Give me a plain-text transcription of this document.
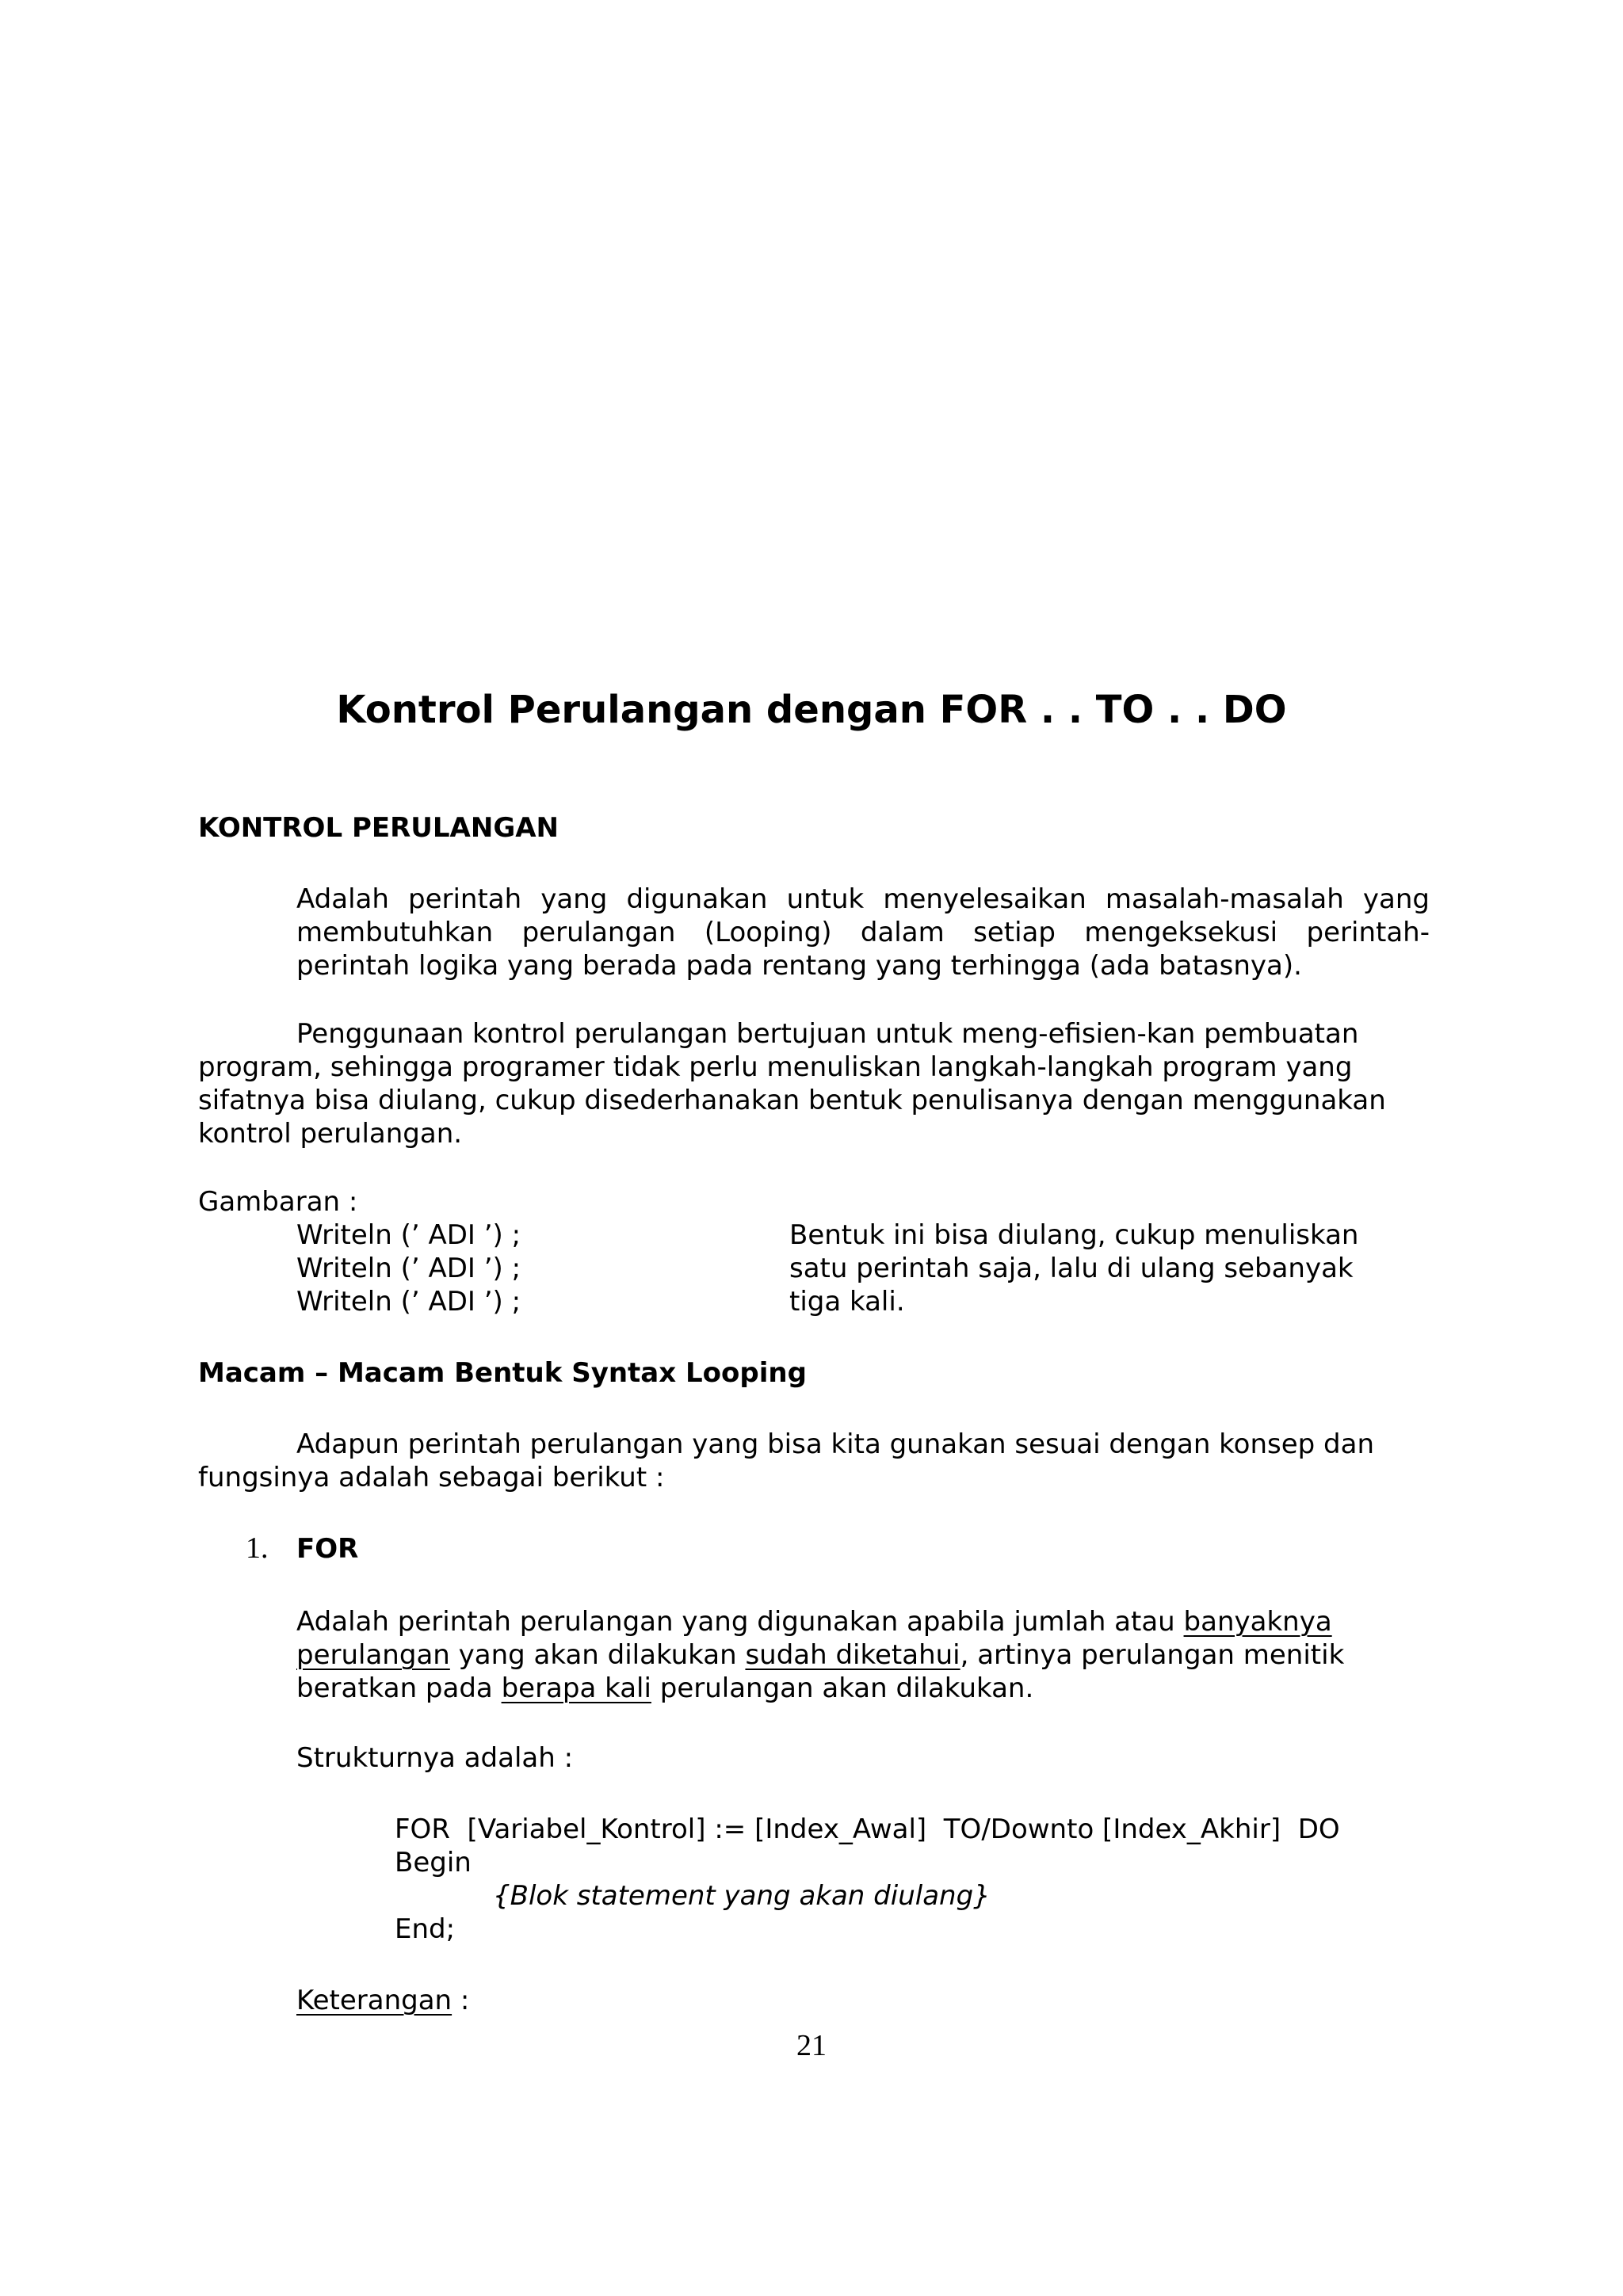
Kontrol Perulangan dengan FOR . . TO . . DO
KONTROL PERULANGAN
Adalah perintah yang digunakan untuk menyelesaikan masalah-masalah yang
membutuhkan perulangan (Looping) dalam setiap mengeksekusi perintah-
perintah logika yang berada pada rentang yang terhingga (ada batasnya).
Penggunaan kontrol perulangan bertujuan untuk meng-efisien-kan pembuatan
program, sehingga programer tidak perlu menuliskan langkah-langkah program yang
sifatnya bisa diulang, cukup disederhanakan bentuk penulisanya dengan menggunakan
kontrol perulangan.
Gambaran :
Writeln (’ ADI ’) ;
Writeln (’ ADI ’) ;
Writeln (’ ADI ’) ;
Bentuk ini bisa diulang, cukup menuliskan
satu perintah saja, lalu di ulang sebanyak
tiga kali.
Macam – Macam Bentuk Syntax Looping
Adapun perintah perulangan yang bisa kita gunakan sesuai dengan konsep dan
fungsinya adalah sebagai berikut :
1. FOR
Adalah perintah perulangan yang digunakan apabila jumlah atau banyaknya
perulangan yang akan dilakukan sudah diketahui, artinya perulangan menitik
beratkan pada berapa kali perulangan akan dilakukan.
Strukturnya adalah :
FOR  [Variabel_Kontrol] := [Index_Awal]  TO/Downto [Index_Akhir]  DO
Begin
{Blok statement yang akan diulang}
End;
Keterangan :
21
